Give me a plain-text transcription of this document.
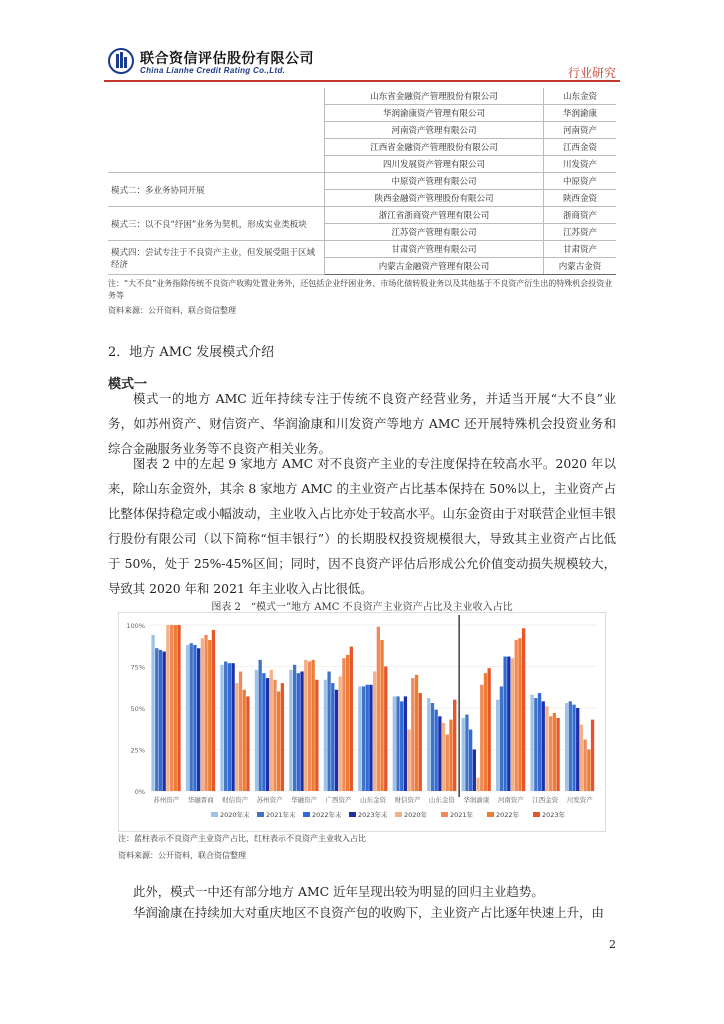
联合资信评估股份有限公司
China Lianhe Credit Rating Co.,Ltd.	行业研究
	山东省金融资产管理股份有限公司	山东金资
	华润渝康资产管理有限公司	华润渝康
	河南资产管理有限公司	河南资产
	江西省金融资产管理股份有限公司	江西金资
	四川发展资产管理有限公司	川发资产
模式二：多业务协同开展	中原资产管理有限公司	中原资产
	陕西金融资产管理股份有限公司	陕西金资
模式三：以不良“纾困”业务为契机，形成实业类板块	浙江省浙商资产管理有限公司	浙商资产
	江苏资产管理有限公司	江苏资产
模式四：尝试专注于不良资产主业，但发展受阻于区域经济	甘肃资产管理有限公司	甘肃资产
	内蒙古金融资产管理有限公司	内蒙古金资
注：“大不良”业务指除传统不良资产收购处置业务外，还包括企业纾困业务、市场化债转股业务以及其他基于不良资产衍生出的特殊机会投资业务等
资料来源：公开资料，联合资信整理
2．地方 AMC 发展模式介绍
模式一
模式一的地方 AMC 近年持续专注于传统不良资产经营业务，并适当开展“大不良”业务，如苏州资产、财信资产、华润渝康和川发资产等地方 AMC 还开展特殊机会投资业务和综合金融服务业务等不良资产相关业务。
图表 2 中的左起 9 家地方 AMC 对不良资产主业的专注度保持在较高水平。2020 年以来，除山东金资外，其余 8 家地方 AMC 的主业资产占比基本保持在 50%以上，主业资产占比整体保持稳定或小幅波动，主业收入占比亦处于较高水平。山东金资由于对联营企业恒丰银行股份有限公司（以下简称“恒丰银行”）的长期股权投资规模很大，导致其主业资产占比低于 50%，处于 25%-45%区间；同时，因不良资产评估后形成公允价值变动损失规模较大，导致其 2020 年和 2021 年主业收入占比很低。
图表 2　“模式一”地方 AMC 不良资产主业资产占比及主业收入占比
0%
25%
50%
75%
100%
苏州资产 华融晋商 财信资产 苏州资产 华融资产 广西资产 山东金资 财信资产 山东金资 华润渝康 河南资产 江西金资 川发资产
2020年末	2021年末	2022年末	2023年末	2020年	2021年	2022年	2023年
注：蓝柱表示不良资产主业资产占比，红柱表示不良资产主业收入占比
资料来源：公开资料，联合资信整理
此外，模式一中还有部分地方 AMC 近年呈现出较为明显的回归主业趋势。
华润渝康在持续加大对重庆地区不良资产包的收购下，主业资产占比逐年快速上升，由
2
